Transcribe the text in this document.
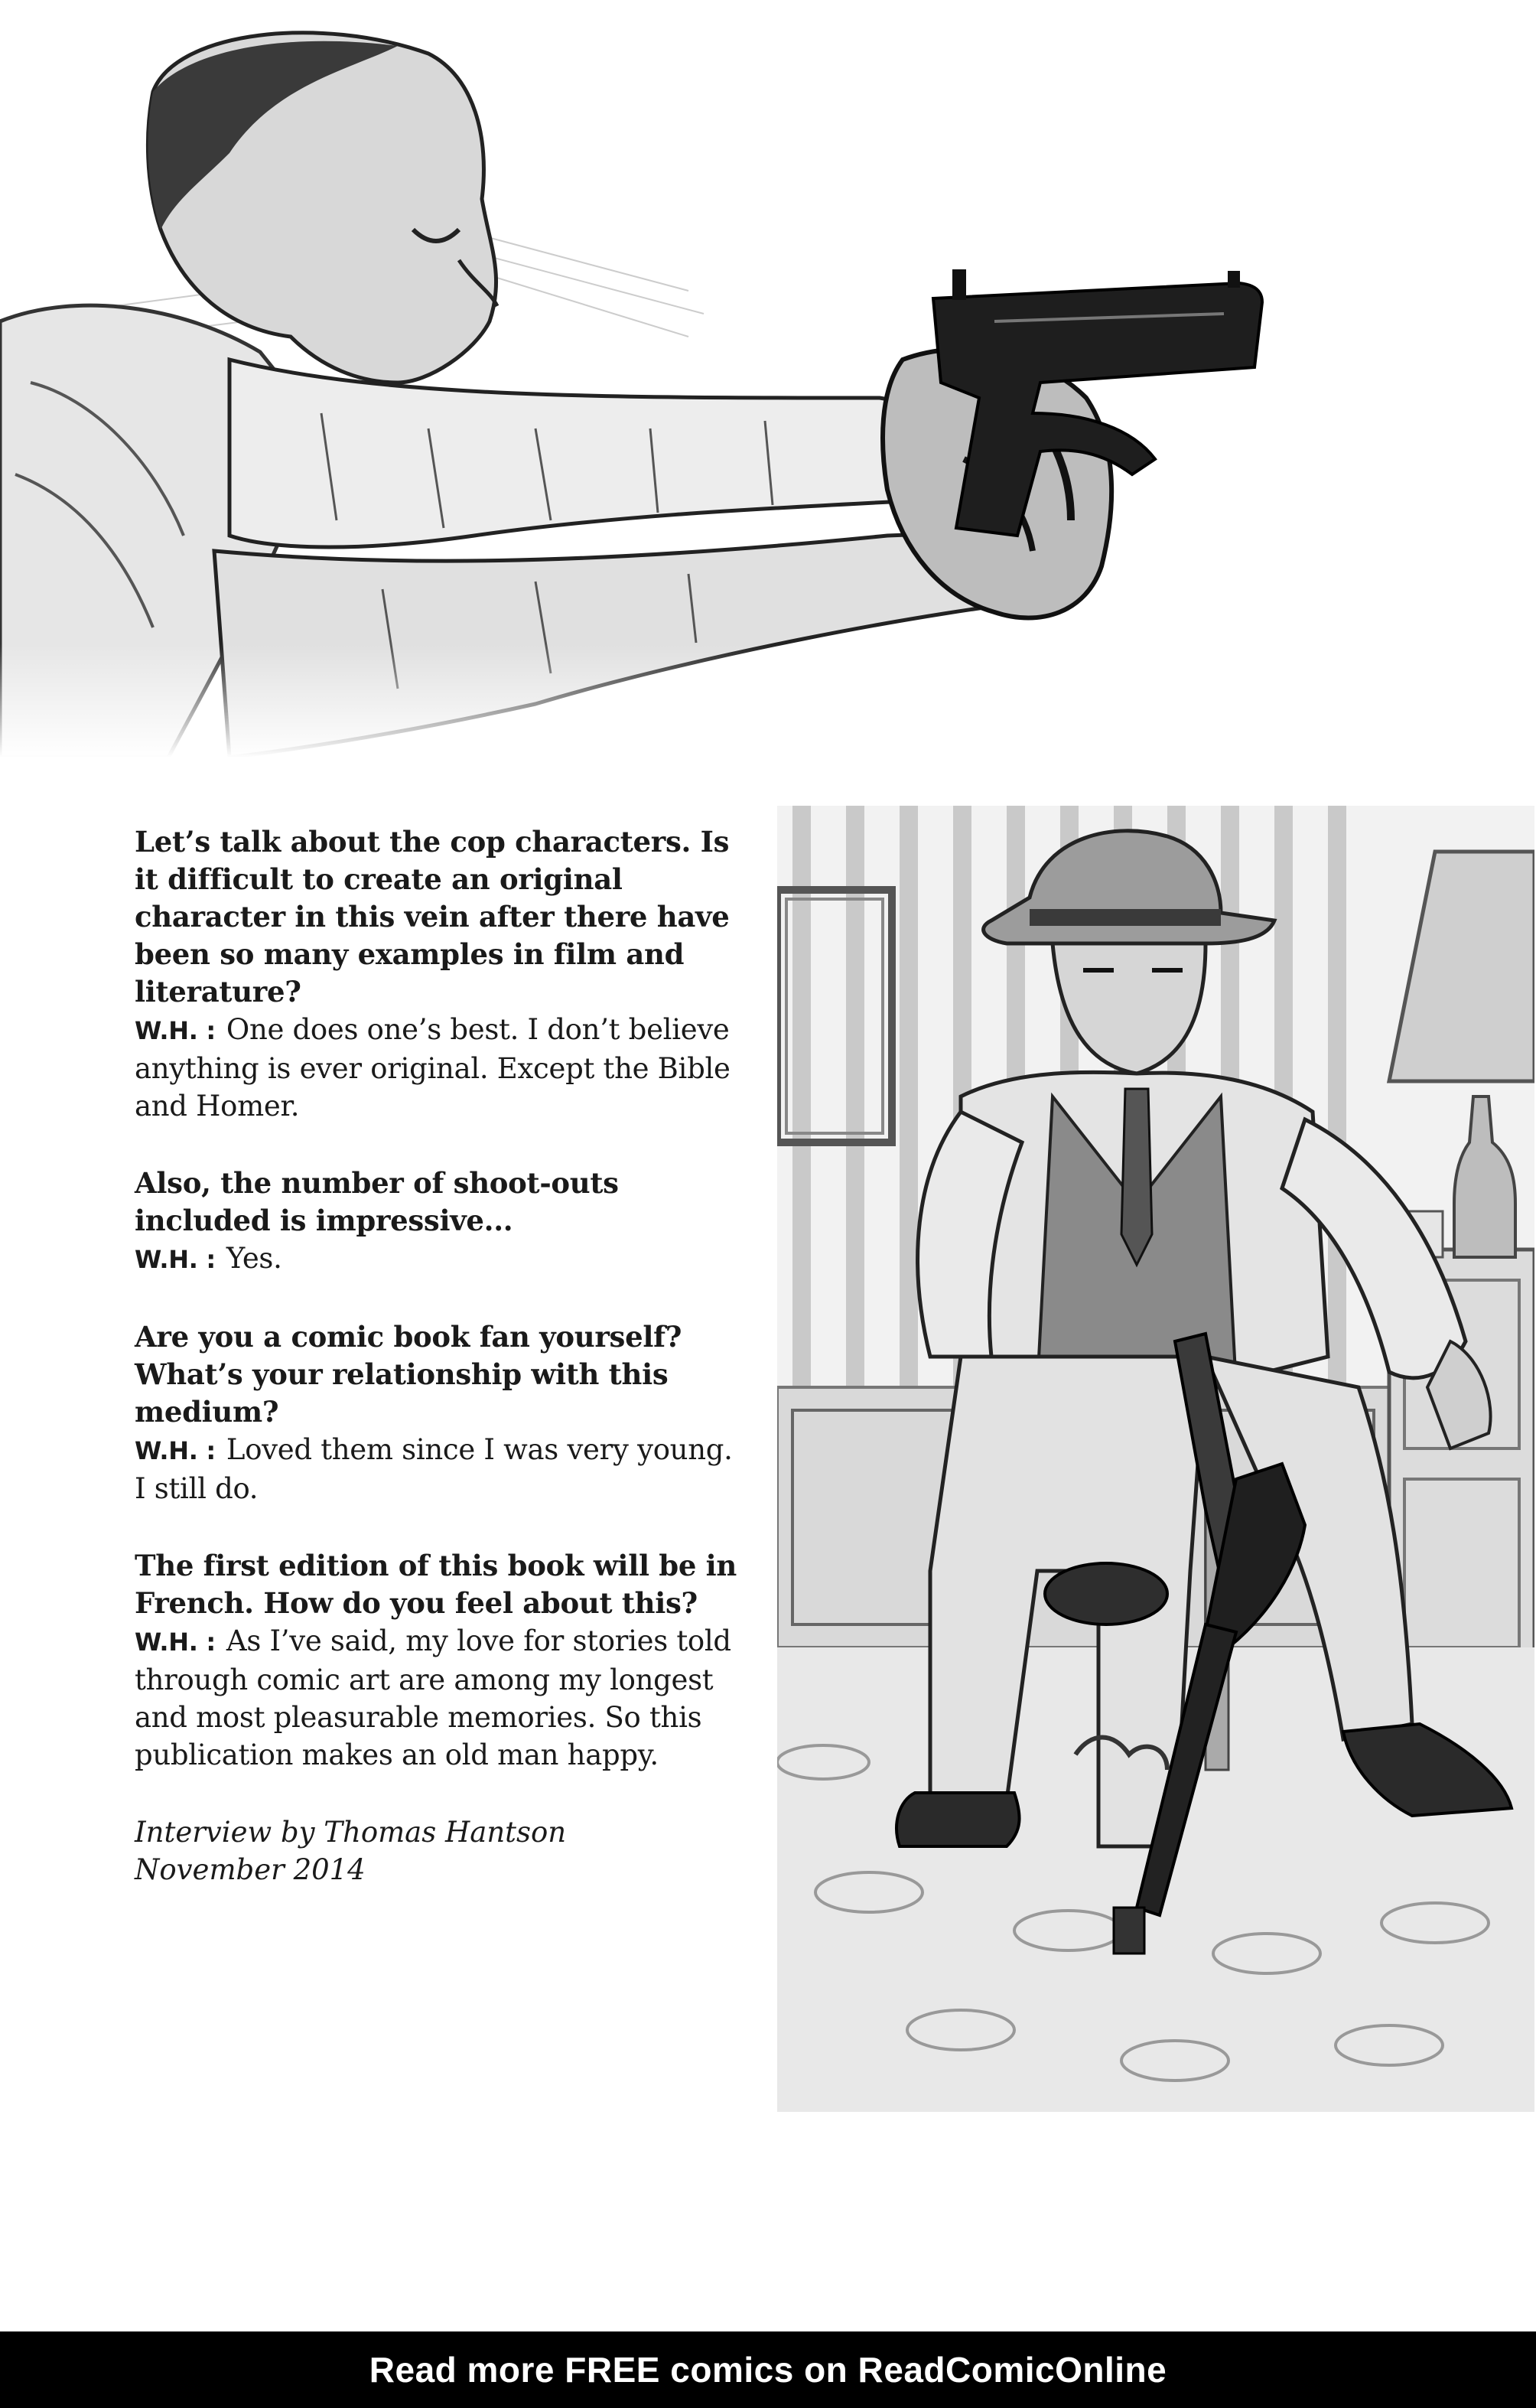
Let’s talk about the cop characters. Is it difficult to create an original character in this vein after there have been so many examples in film and literature?

W.H. : One does one’s best. I don’t believe anything is ever original. Except the Bible and Homer.

Also, the number of shoot-outs included is impressive...

W.H. : Yes.

Are you a comic book fan yourself? What’s your relationship with this medium?

W.H. : Loved them since I was very young. I still do.

The first edition of this book will be in French. How do you feel about this?

W.H. : As I’ve said, my love for stories told through comic art are among my longest and most pleasurable memories. So this publication makes an old man happy.

Interview by Thomas Hantson

November 2014

Read more FREE comics on ReadComicOnline
